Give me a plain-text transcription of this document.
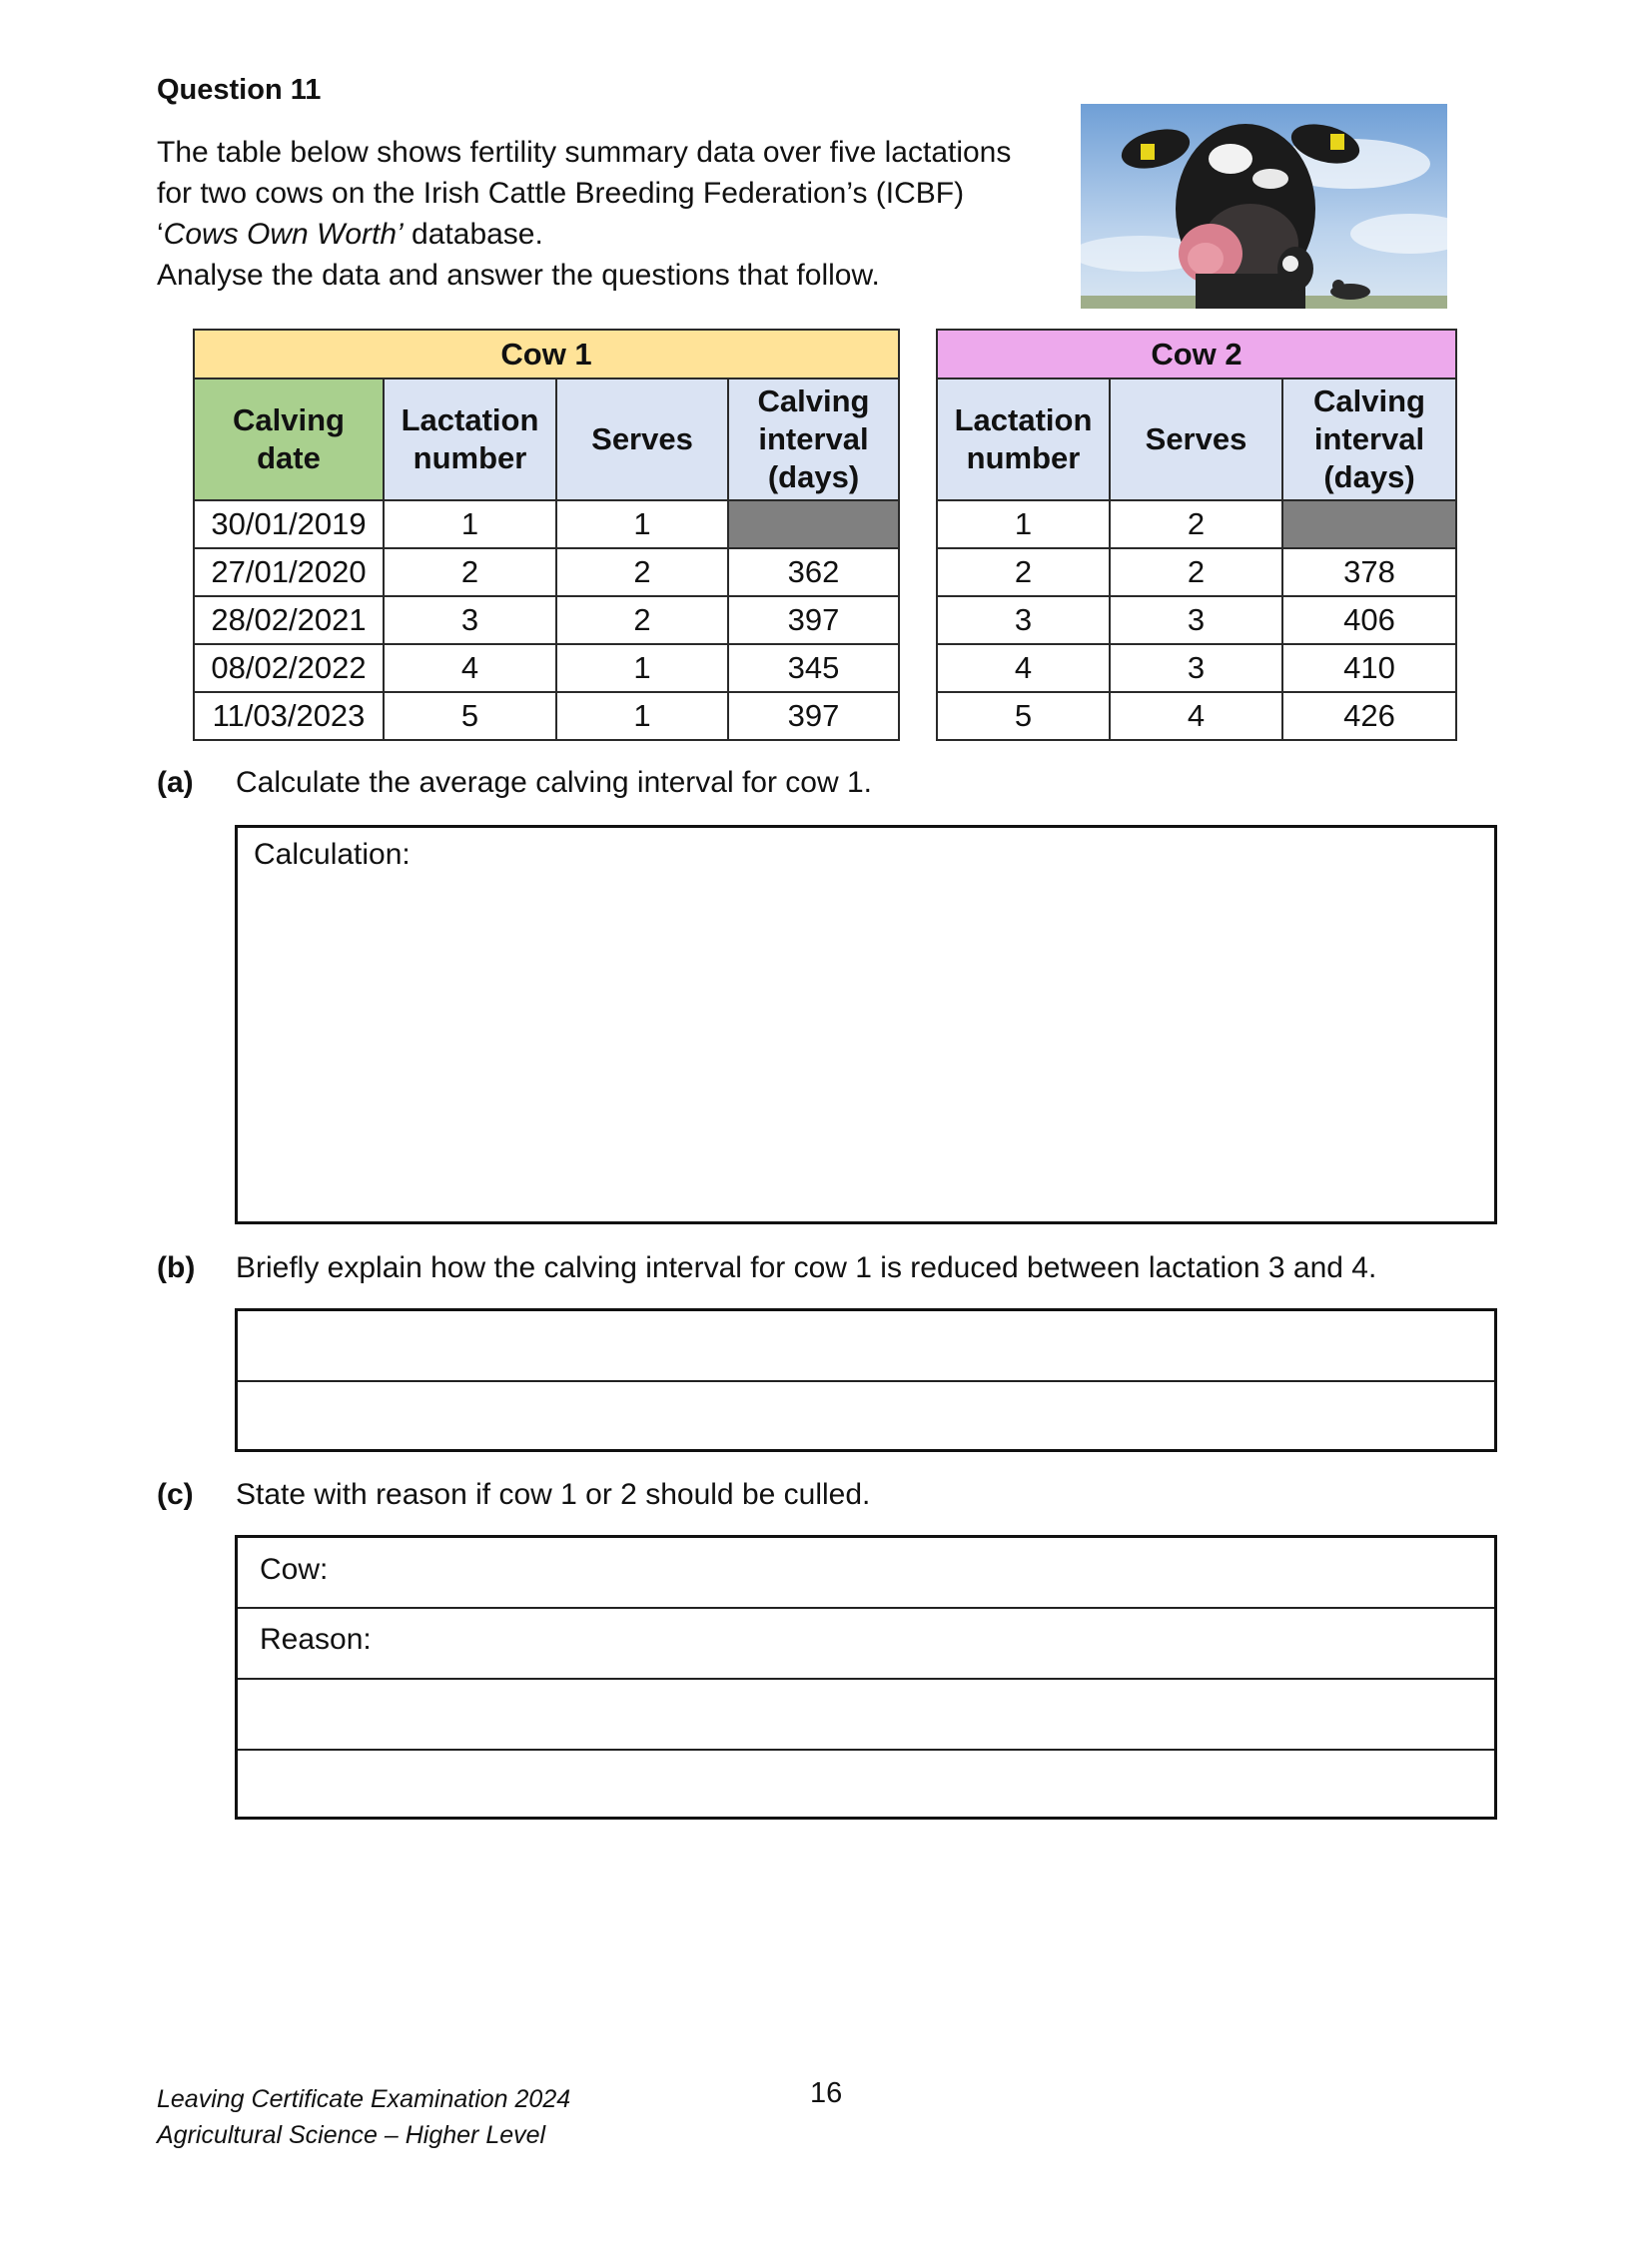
Question 11

The table below shows fertility summary data over five lactations

for two cows on the Irish Cattle Breeding Federation’s (ICBF)

‘Cows Own Worth’ database.

Analyse the data and answer the questions that follow.

Cow 1			
Calving
date	Lactation
number	Serves	Calving
interval
(days)
30/01/2019	1	1	
27/01/2020	2	2	362
28/02/2021	3	2	397
08/02/2022	4	1	345
11/03/2023	5	1	397
Cow 2		
Lactation
number	Serves	Calving
interval
(days)
1	2	
2	2	378
3	3	406
4	3	410
5	4	426
(a) Calculate the average calving interval for cow 1.
Calculation:
(b) Briefly explain how the calving interval for cow 1 is reduced between lactation 3 and 4.
(c) State with reason if cow 1 or 2 should be culled.
Cow:
Reason:
Leaving Certificate Examination 2024
Agricultural Science – Higher Level
16
